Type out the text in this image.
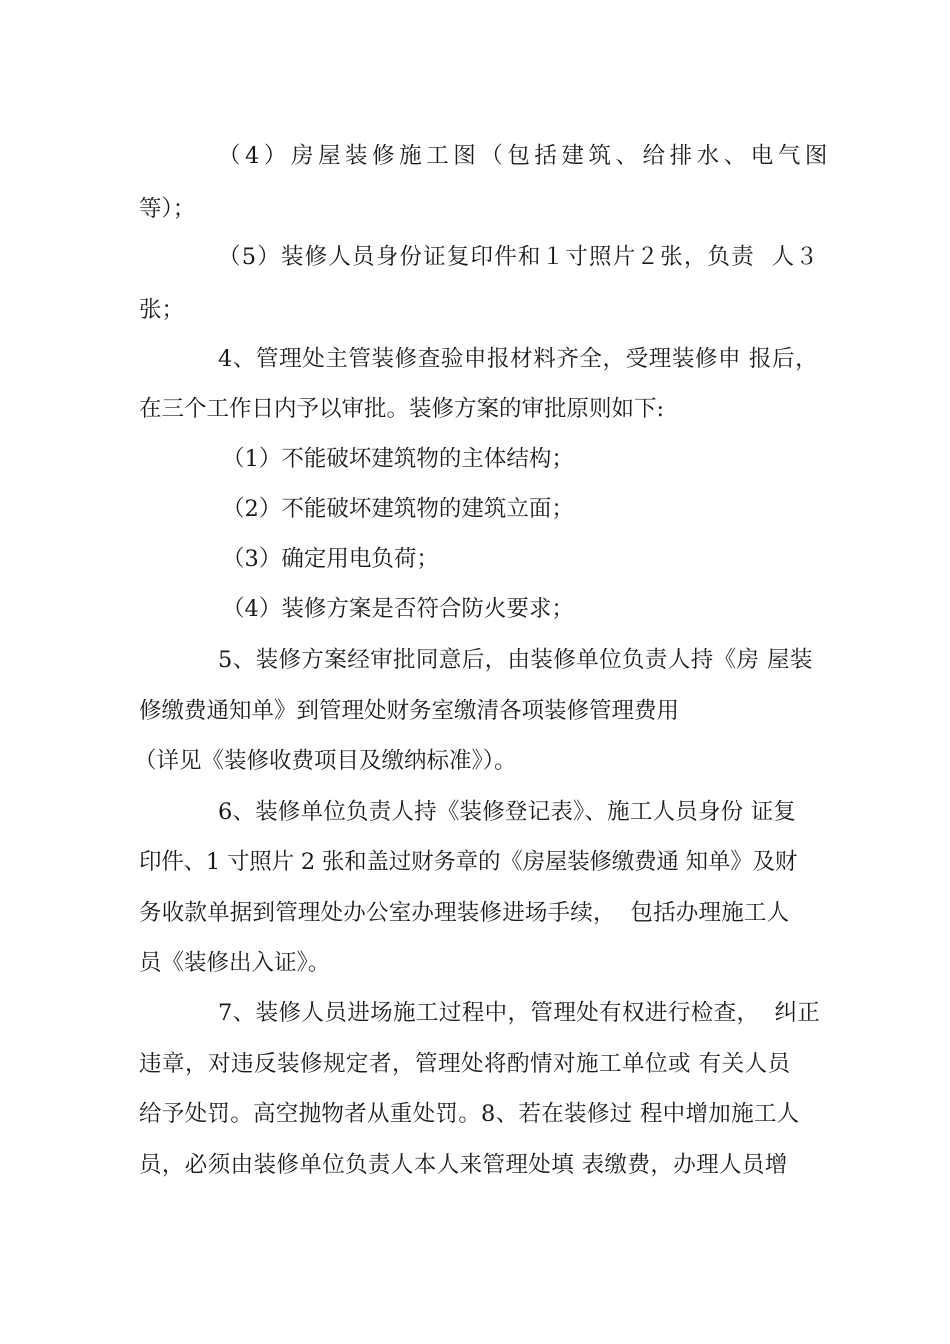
（4）房屋装修施工图（包括建筑、给排水、电气图
等）；
（5）装修人员身份证复印件和１寸照片２张，负责  人３
张；
4、管理处主管装修查验申报材料齐全，受理装修申 报后，
在三个工作日内予以审批。装修方案的审批原则如下:
（1）不能破坏建筑物的主体结构；
（2）不能破坏建筑物的建筑立面；
（3）确定用电负荷；
（4）装修方案是否符合防火要求；
5、装修方案经审批同意后，由装修单位负责人持《房 屋装
修缴费通知单》到管理处财务室缴清各项装修管理费用
（详见《装修收费项目及缴纳标准》）。
6、装修单位负责人持《装修登记表》、施工人员身份 证复
印件、1 寸照片 2 张和盖过财务章的《房屋装修缴费通 知单》及财
务收款单据到管理处办公室办理装修进场手续，  包括办理施工人
员《装修出入证》。
7、装修人员进场施工过程中，管理处有权进行检查，  纠正
违章，对违反装修规定者，管理处将酌情对施工单位或 有关人员
给予处罚。高空抛物者从重处罚。8、若在装修过 程中增加施工人
员，必须由装修单位负责人本人来管理处填 表缴费，办理人员增
